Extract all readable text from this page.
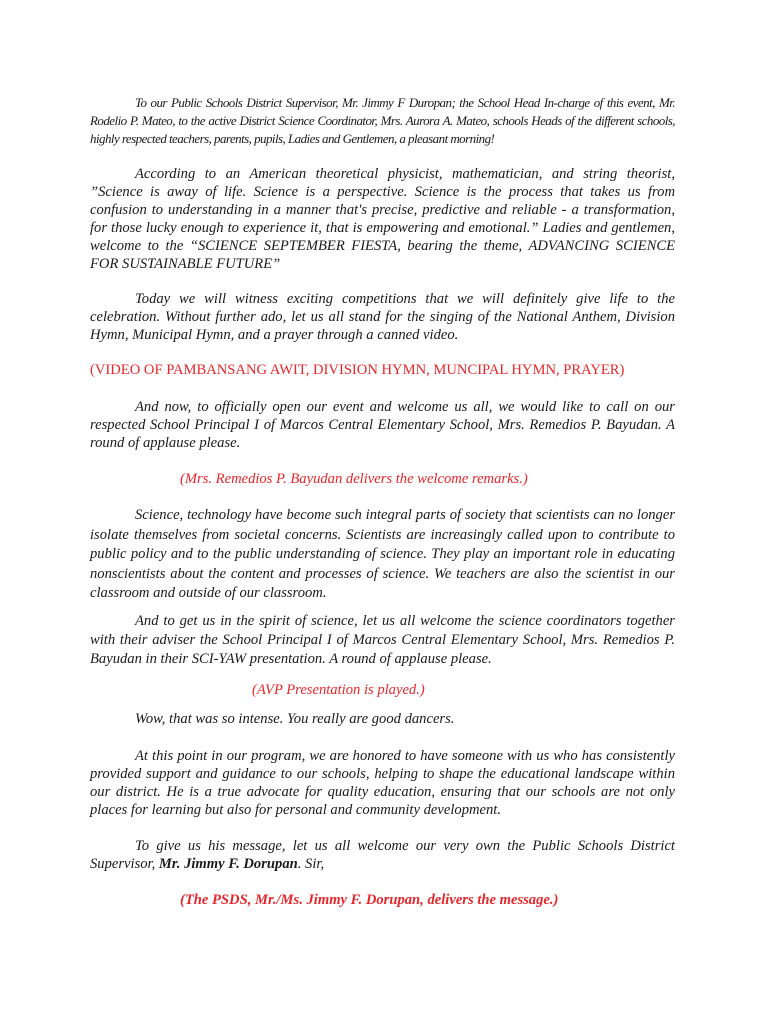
To our Public Schools District Supervisor, Mr. Jimmy F Duropan; the School Head In-charge of this event, Mr. Rodelio P. Mateo, to the active District Science Coordinator, Mrs. Aurora A. Mateo, schools Heads of the different schools, highly respected teachers, parents, pupils, Ladies and Gentlemen, a pleasant morning!

According to an American theoretical physicist, mathematician, and string theorist, ”Science is away of life. Science is a perspective. Science is the process that takes us from confusion to understanding in a manner that's precise, predictive and reliable - a transformation, for those lucky enough to experience it, that is empowering and emotional.” Ladies and gentlemen, welcome to the “SCIENCE SEPTEMBER FIESTA, bearing the theme, ADVANCING SCIENCE FOR SUSTAINABLE FUTURE”

Today we will witness exciting competitions that we will definitely give life to the celebration. Without further ado, let us all stand for the singing of the National Anthem, Division Hymn, Municipal Hymn, and a prayer through a canned video.

(VIDEO OF PAMBANSANG AWIT, DIVISION HYMN, MUNCIPAL HYMN, PRAYER)

And now, to officially open our event and welcome us all, we would like to call on our respected School Principal I of Marcos Central Elementary School, Mrs. Remedios P. Bayudan. A round of applause please.

(Mrs. Remedios P. Bayudan delivers the welcome remarks.)

Science, technology have become such integral parts of society that scientists can no longer isolate themselves from societal concerns. Scientists are increasingly called upon to contribute to public policy and to the public understanding of science. They play an important role in educating nonscientists about the content and processes of science. We teachers are also the scientist in our classroom and outside of our classroom.

And to get us in the spirit of science, let us all welcome the science coordinators together with their adviser the School Principal I of Marcos Central Elementary School, Mrs. Remedios P. Bayudan in their SCI-YAW presentation. A round of applause please.

(AVP Presentation is played.)

Wow, that was so intense. You really are good dancers.

At this point in our program, we are honored to have someone with us who has consistently provided support and guidance to our schools, helping to shape the educational landscape within our district. He is a true advocate for quality education, ensuring that our schools are not only places for learning but also for personal and community development.

To give us his message, let us all welcome our very own the Public Schools District Supervisor, Mr. Jimmy F. Dorupan. Sir,

(The PSDS, Mr./Ms. Jimmy F. Dorupan, delivers the message.)
